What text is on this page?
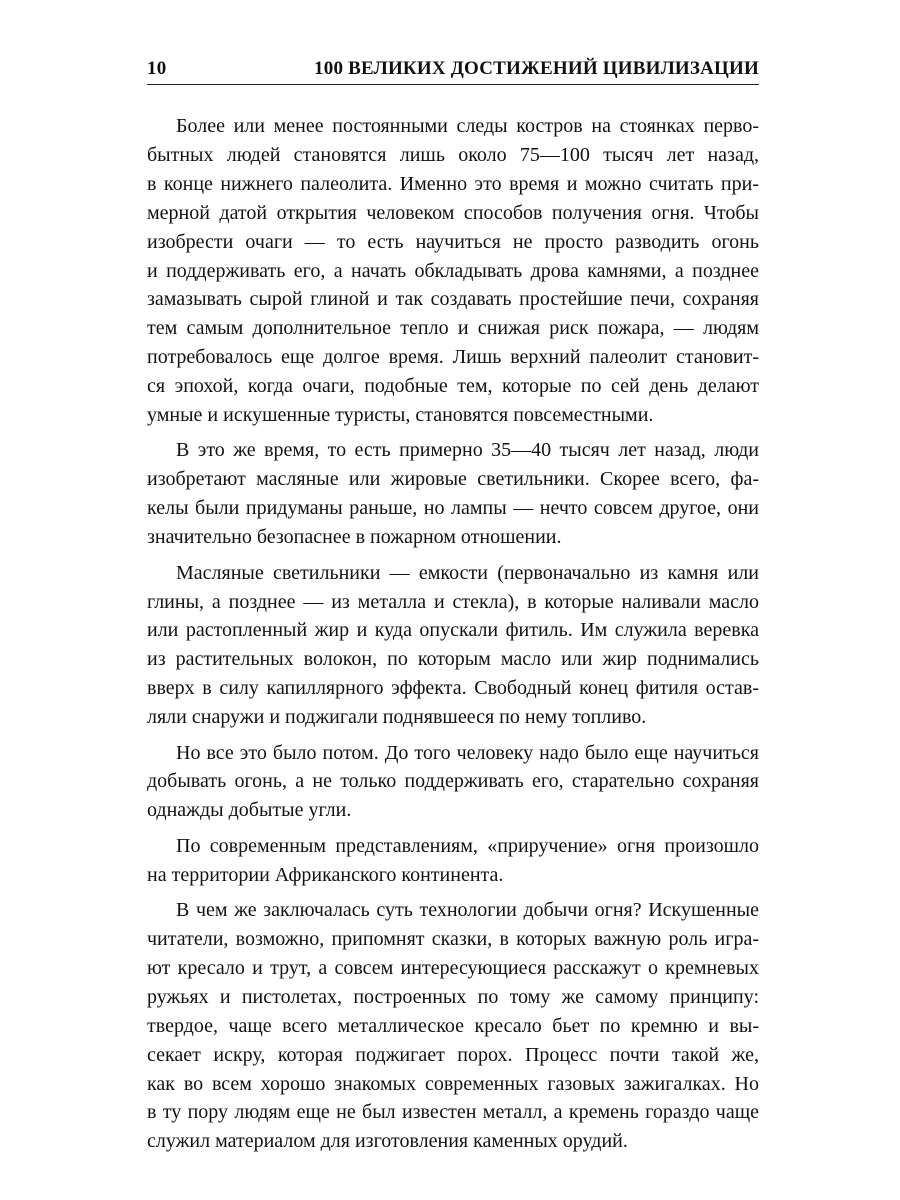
10	100 ВЕЛИКИХ ДОСТИЖЕНИЙ ЦИВИЛИЗАЦИИ
Более или менее постоянными следы костров на стоянках перво-
бытных людей становятся лишь около 75—100 тысяч лет назад,
в конце нижнего палеолита. Именно это время и можно считать при-
мерной датой открытия человеком способов получения огня. Чтобы
изобрести очаги — то есть научиться не просто разводить огонь
и поддерживать его, а начать обкладывать дрова камнями, а позднее
замазывать сырой глиной и так создавать простейшие печи, сохраняя
тем самым дополнительное тепло и снижая риск пожара, — людям
потребовалось еще долгое время. Лишь верхний палеолит становит-
ся эпохой, когда очаги, подобные тем, которые по сей день делают
умные и искушенные туристы, становятся повсеместными.
В это же время, то есть примерно 35—40 тысяч лет назад, люди
изобретают масляные или жировые светильники. Скорее всего, фа-
келы были придуманы раньше, но лампы — нечто совсем другое, они
значительно безопаснее в пожарном отношении.
Масляные светильники — емкости (первоначально из камня или
глины, а позднее — из металла и стекла), в которые наливали масло
или растопленный жир и куда опускали фитиль. Им служила веревка
из растительных волокон, по которым масло или жир поднимались
вверх в силу капиллярного эффекта. Свободный конец фитиля остав-
ляли снаружи и поджигали поднявшееся по нему топливо.
Но все это было потом. До того человеку надо было еще научиться
добывать огонь, а не только поддерживать его, старательно сохраняя
однажды добытые угли.
По современным представлениям, «приручение» огня произошло
на территории Африканского континента.
В чем же заключалась суть технологии добычи огня? Искушенные
читатели, возможно, припомнят сказки, в которых важную роль игра-
ют кресало и трут, а совсем интересующиеся расскажут о кремневых
ружьях и пистолетах, построенных по тому же самому принципу:
твердое, чаще всего металлическое кресало бьет по кремню и вы-
секает искру, которая поджигает порох. Процесс почти такой же,
как во всем хорошо знакомых современных газовых зажигалках. Но
в ту пору людям еще не был известен металл, а кремень гораздо чаще
служил материалом для изготовления каменных орудий.
